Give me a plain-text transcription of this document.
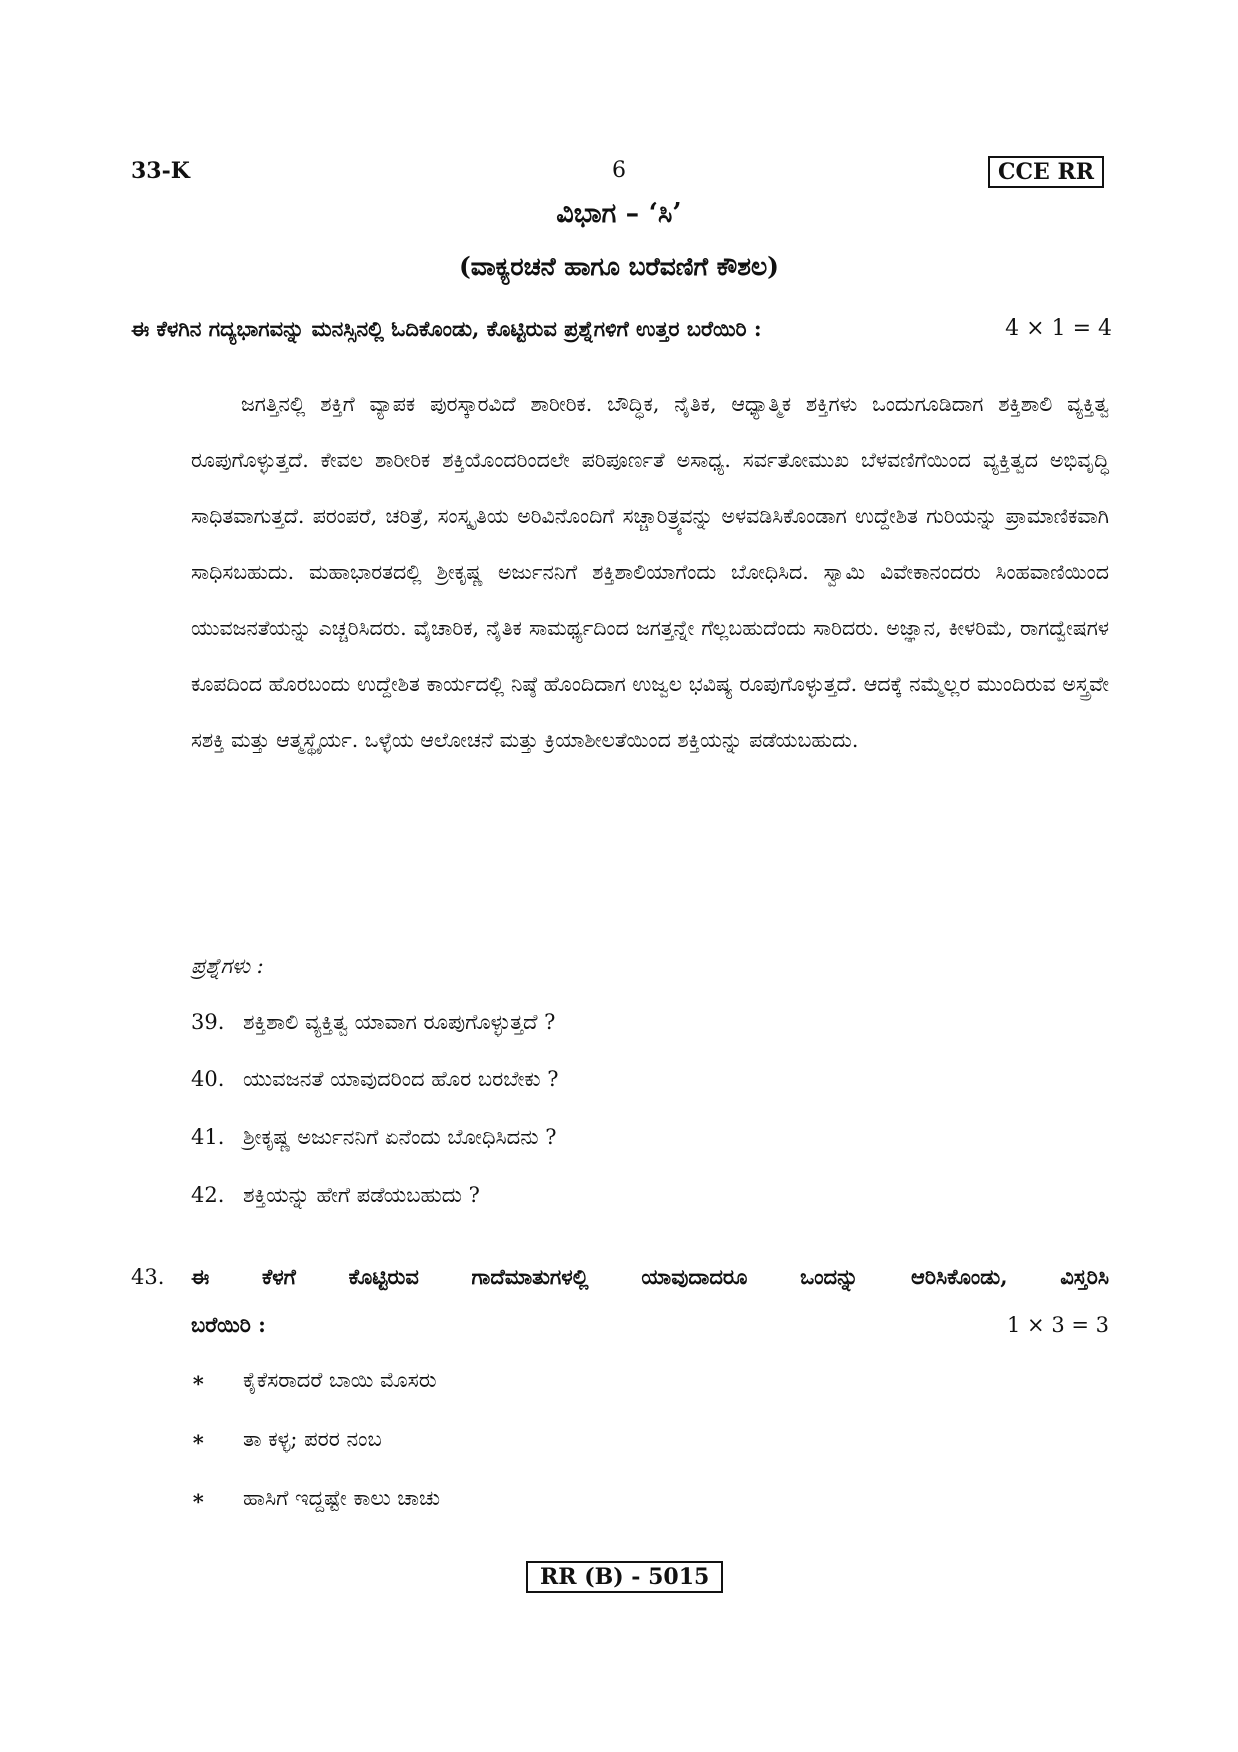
33-K	6	CCE RR
ವಿಭಾಗ – ‘ಸಿ’
(ವಾಕ್ಯರಚನೆ ಹಾಗೂ ಬರೆವಣಿಗೆ ಕೌಶಲ)
ಈ ಕೆಳಗಿನ ಗದ್ಯಭಾಗವನ್ನು ಮನಸ್ಸಿನಲ್ಲಿ ಓದಿಕೊಂಡು, ಕೊಟ್ಟಿರುವ ಪ್ರಶ್ನೆಗಳಿಗೆ ಉತ್ತರ ಬರೆಯಿರಿ :	4 × 1 = 4
ಜಗತ್ತಿನಲ್ಲಿ ಶಕ್ತಿಗೆ ವ್ಯಾಪಕ ಪುರಸ್ಕಾರವಿದೆ ಶಾರೀರಿಕ. ಬೌದ್ಧಿಕ, ನೈತಿಕ, ಆಧ್ಯಾತ್ಮಿಕ ಶಕ್ತಿಗಳು ಒಂದುಗೂಡಿದಾಗ ಶಕ್ತಿಶಾಲಿ ವ್ಯಕ್ತಿತ್ವ ರೂಪುಗೊಳ್ಳುತ್ತದೆ. ಕೇವಲ ಶಾರೀರಿಕ ಶಕ್ತಿಯೊಂದರಿಂದಲೇ ಪರಿಪೂರ್ಣತೆ ಅಸಾಧ್ಯ. ಸರ್ವತೋಮುಖ ಬೆಳವಣಿಗೆಯಿಂದ ವ್ಯಕ್ತಿತ್ವದ ಅಭಿವೃದ್ಧಿ ಸಾಧಿತವಾಗುತ್ತದೆ. ಪರಂಪರೆ, ಚರಿತ್ರೆ, ಸಂಸ್ಕೃತಿಯ ಅರಿವಿನೊಂದಿಗೆ ಸಚ್ಚಾರಿತ್ರ್ಯವನ್ನು ಅಳವಡಿಸಿಕೊಂಡಾಗ ಉದ್ದೇಶಿತ ಗುರಿಯನ್ನು ಪ್ರಾಮಾಣಿಕವಾಗಿ ಸಾಧಿಸಬಹುದು. ಮಹಾಭಾರತದಲ್ಲಿ ಶ್ರೀಕೃಷ್ಣ ಅರ್ಜುನನಿಗೆ ಶಕ್ತಿಶಾಲಿಯಾಗೆಂದು ಬೋಧಿಸಿದ. ಸ್ವಾಮಿ ವಿವೇಕಾನಂದರು ಸಿಂಹವಾಣಿಯಿಂದ ಯುವಜನತೆಯನ್ನು ಎಚ್ಚರಿಸಿದರು. ವೈಚಾರಿಕ, ನೈತಿಕ ಸಾಮರ್ಥ್ಯದಿಂದ ಜಗತ್ತನ್ನೇ ಗೆಲ್ಲಬಹುದೆಂದು ಸಾರಿದರು. ಅಜ್ಞಾನ, ಕೀಳರಿಮೆ, ರಾಗದ್ವೇಷಗಳ ಕೂಪದಿಂದ ಹೊರಬಂದು ಉದ್ದೇಶಿತ ಕಾರ್ಯದಲ್ಲಿ ನಿಷ್ಠೆ ಹೊಂದಿದಾಗ ಉಜ್ವಲ ಭವಿಷ್ಯ ರೂಪುಗೊಳ್ಳುತ್ತದೆ. ಆದಕ್ಕೆ ನಮ್ಮೆಲ್ಲರ ಮುಂದಿರುವ ಅಸ್ತ್ರವೇ ಸಶಕ್ತಿ ಮತ್ತು ಆತ್ಮಸ್ಥೈರ್ಯ. ಒಳ್ಳೆಯ ಆಲೋಚನೆ ಮತ್ತು ಕ್ರಿಯಾಶೀಲತೆಯಿಂದ ಶಕ್ತಿಯನ್ನು ಪಡೆಯಬಹುದು.
ಪ್ರಶ್ನೆಗಳು :
39. ಶಕ್ತಿಶಾಲಿ ವ್ಯಕ್ತಿತ್ವ ಯಾವಾಗ ರೂಪುಗೊಳ್ಳುತ್ತದೆ ?
40. ಯುವಜನತೆ ಯಾವುದರಿಂದ ಹೊರ ಬರಬೇಕು ?
41. ಶ್ರೀಕೃಷ್ಣ ಅರ್ಜುನನಿಗೆ ಏನೆಂದು ಬೋಧಿಸಿದನು ?
42. ಶಕ್ತಿಯನ್ನು ಹೇಗೆ ಪಡೆಯಬಹುದು ?
43. ಈ ಕೆಳಗೆ ಕೊಟ್ಟಿರುವ ಗಾದೆಮಾತುಗಳಲ್ಲಿ ಯಾವುದಾದರೂ ಒಂದನ್ನು ಆರಿಸಿಕೊಂಡು, ವಿಸ್ತರಿಸಿ
ಬರೆಯಿರಿ :	1 × 3 = 3
∗ ಕೈಕೆಸರಾದರೆ ಬಾಯಿ ಮೊಸರು
∗ ತಾ ಕಳ್ಳ; ಪರರ ನಂಬ
∗ ಹಾಸಿಗೆ ಇದ್ದಷ್ಟೇ ಕಾಲು ಚಾಚು
RR (B) - 5015
